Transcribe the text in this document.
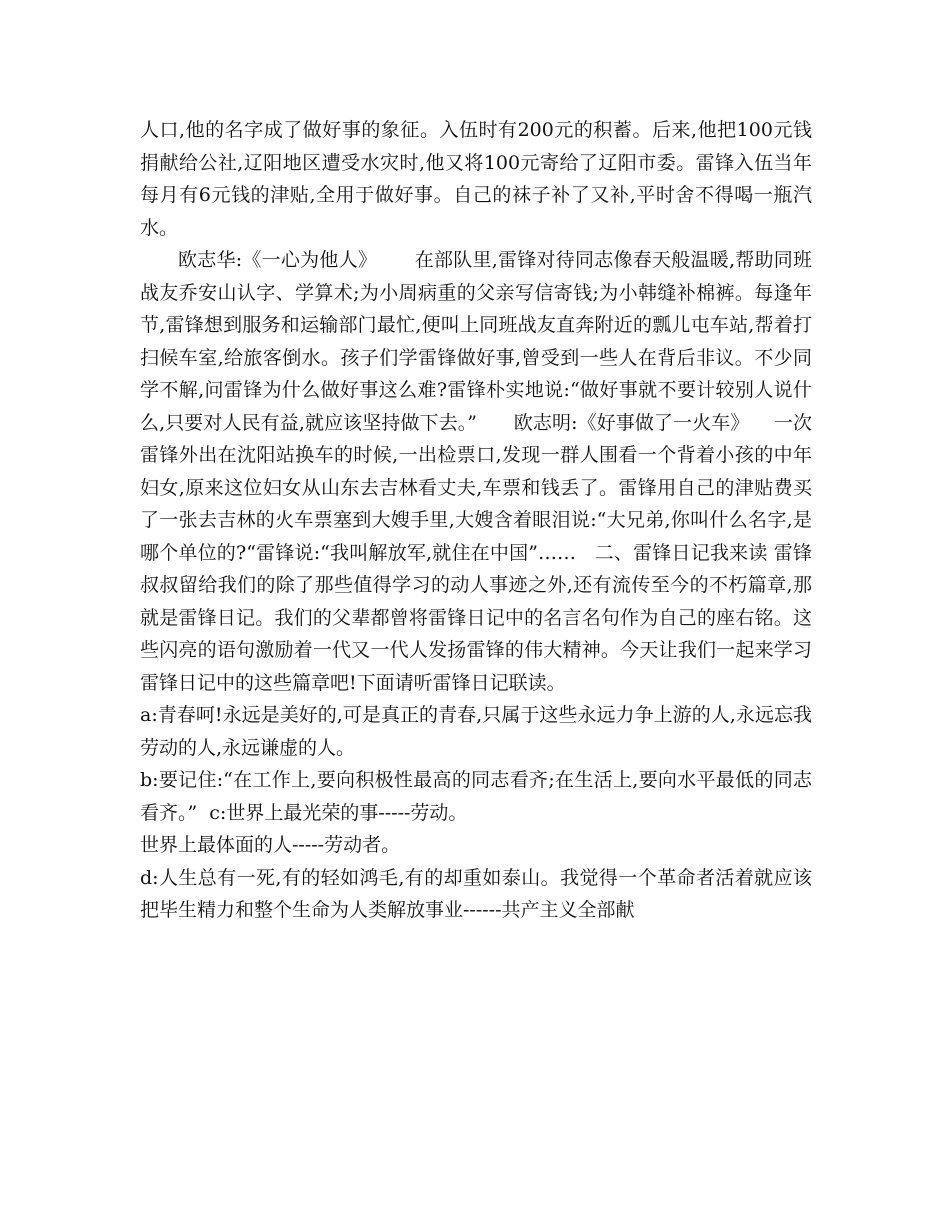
人口,他的名字成了做好事的象征。入伍时有200元的积蓄。后来,他把100元钱捐献给公社,辽阳地区遭受水灾时,他又将100元寄给了辽阳市委。雷锋入伍当年每月有6元钱的津贴,全用于做好事。自己的袜子补了又补,平时舍不得喝一瓶汽水。

欧志华:《一心为他人》      在部队里,雷锋对待同志像春天般温暖,帮助同班战友乔安山认字、学算术;为小周病重的父亲写信寄钱;为小韩缝补棉裤。每逢年节,雷锋想到服务和运输部门最忙,便叫上同班战友直奔附近的瓢儿屯车站,帮着打扫候车室,给旅客倒水。孩子们学雷锋做好事,曾受到一些人在背后非议。不少同学不解,问雷锋为什么做好事这么难?雷锋朴实地说:“做好事就不要计较别人说什么,只要对人民有益,就应该坚持做下去。”      欧志明:《好事做了一火车》    一次雷锋外出在沈阳站换车的时候,一出检票口,发现一群人围看一个背着小孩的中年妇女,原来这位妇女从山东去吉林看丈夫,车票和钱丢了。雷锋用自己的津贴费买了一张去吉林的火车票塞到大嫂手里,大嫂含着眼泪说:“大兄弟,你叫什么名字,是哪个单位的?“雷锋说:“我叫解放军,就住在中国”……   二、雷锋日记我来读 雷锋叔叔留给我们的除了那些值得学习的动人事迹之外,还有流传至今的不朽篇章,那就是雷锋日记。我们的父辈都曾将雷锋日记中的名言名句作为自己的座右铭。这些闪亮的语句激励着一代又一代人发扬雷锋的伟大精神。今天让我们一起来学习雷锋日记中的这些篇章吧!下面请听雷锋日记联读。

a:青春呵!永远是美好的,可是真正的青春,只属于这些永远力争上游的人,永远忘我劳动的人,永远谦虚的人。

b:要记住:“在工作上,要向积极性最高的同志看齐;在生活上,要向水平最低的同志看齐。”  c:世界上最光荣的事-----劳动。

世界上最体面的人-----劳动者。

d:人生总有一死,有的轻如鸿毛,有的却重如泰山。我觉得一个革命者活着就应该把毕生精力和整个生命为人类解放事业------共产主义全部献
